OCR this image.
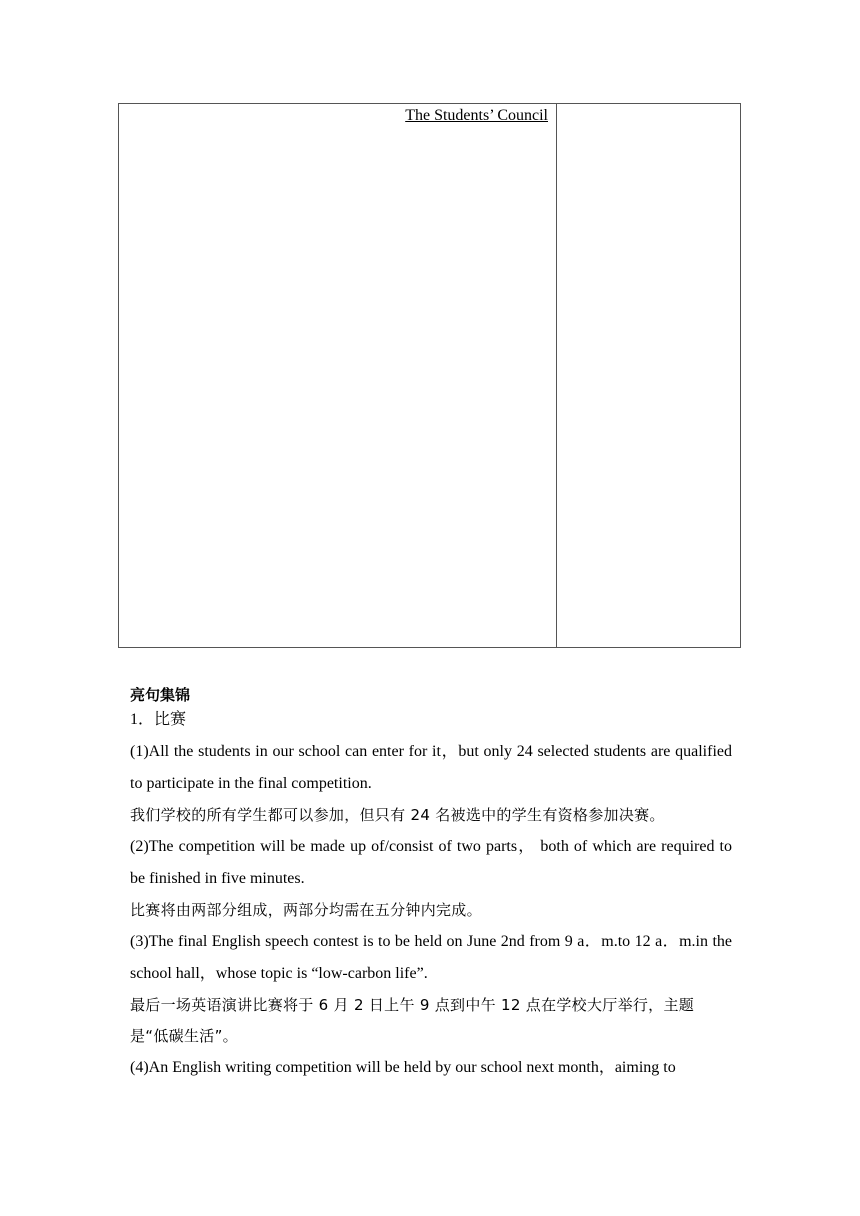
The Students’ Council

亮句集锦

1．比赛

(1)All the students in our school can enter for it，but only 24 selected students are qualified to participate in the final competition.

我们学校的所有学生都可以参加，但只有 24 名被选中的学生有资格参加决赛。

(2)The competition will be made up of/consist of two parts， both of which are required to be finished in five minutes.

比赛将由两部分组成，两部分均需在五分钟内完成。

(3)The final English speech contest is to be held on June 2nd from 9 a．m.to 12 a．m.in the school hall，whose topic is “low-carbon life”.

最后一场英语演讲比赛将于 6 月 2 日上午 9 点到中午 12 点在学校大厅举行，主题是“低碳生活”。

(4)An English writing competition will be held by our school next month，aiming to
